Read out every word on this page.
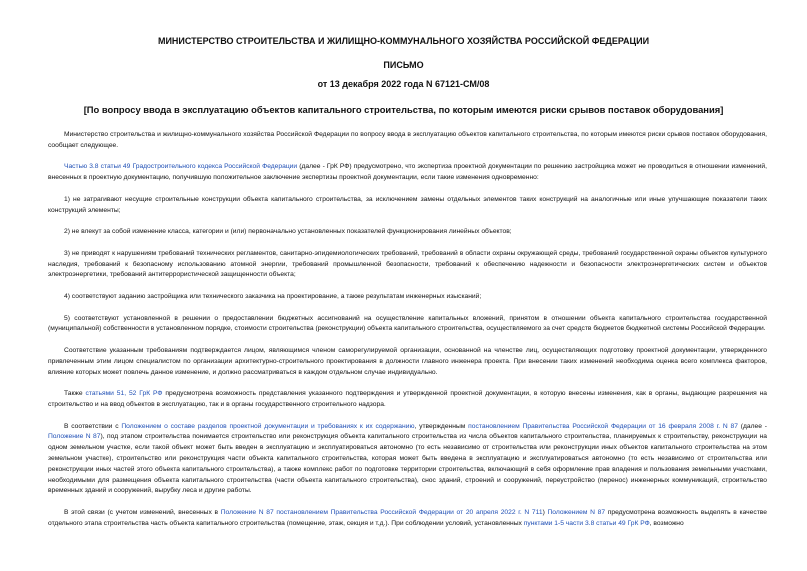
МИНИСТЕРСТВО СТРОИТЕЛЬСТВА И ЖИЛИЩНО-КОММУНАЛЬНОГО ХОЗЯЙСТВА РОССИЙСКОЙ ФЕДЕРАЦИИ
ПИСЬМО
от 13 декабря 2022 года N 67121-СМ/08
[По вопросу ввода в эксплуатацию объектов капитального строительства, по которым имеются риски срывов поставок оборудования]

Министерство строительства и жилищно-коммунального хозяйства Российской Федерации по вопросу ввода в эксплуатацию объектов капитального строительства, по которым имеются риски срывов поставок оборудования, сообщает следующее.

Частью 3.8 статьи 49 Градостроительного кодекса Российской Федерации (далее - ГрК РФ) предусмотрено, что экспертиза проектной документации по решению застройщика может не проводиться в отношении изменений, внесенных в проектную документацию, получившую положительное заключение экспертизы проектной документации, если такие изменения одновременно:

1) не затрагивают несущие строительные конструкции объекта капитального строительства, за исключением замены отдельных элементов таких конструкций на аналогичные или иные улучшающие показатели таких конструкций элементы;

2) не влекут за собой изменение класса, категории и (или) первоначально установленных показателей функционирования линейных объектов;

3) не приводят к нарушениям требований технических регламентов, санитарно-эпидемиологических требований, требований в области охраны окружающей среды, требований государственной охраны объектов культурного наследия, требований к безопасному использованию атомной энергии, требований промышленной безопасности, требований к обеспечению надежности и безопасности электроэнергетических систем и объектов электроэнергетики, требований антитеррористической защищенности объекта;

4) соответствуют заданию застройщика или технического заказчика на проектирование, а также результатам инженерных изысканий;

5) соответствуют установленной в решении о предоставлении бюджетных ассигнований на осуществление капитальных вложений, принятом в отношении объекта капитального строительства государственной (муниципальной) собственности в установленном порядке, стоимости строительства (реконструкции) объекта капитального строительства, осуществляемого за счет средств бюджетов бюджетной системы Российской Федерации.

Соответствие указанным требованиям подтверждается лицом, являющимся членом саморегулируемой организации, основанной на членстве лиц, осуществляющих подготовку проектной документации, утвержденного привлеченным этим лицом специалистом по организации архитектурно-строительного проектирования в должности главного инженера проекта. При внесении таких изменений необходима оценка всего комплекса факторов, влияние которых может повлечь данное изменение, и должно рассматриваться в каждом отдельном случае индивидуально.

Также статьями 51, 52 ГрК РФ предусмотрена возможность представления указанного подтверждения и утвержденной проектной документации, в которую внесены изменения, как в органы, выдающие разрешения на строительство и на ввод объектов в эксплуатацию, так и в органы государственного строительного надзора.

В соответствии с Положением о составе разделов проектной документации и требованиях к их содержанию, утвержденным постановлением Правительства Российской Федерации от 16 февраля 2008 г. N 87 (далее - Положение N 87), под этапом строительства понимается строительство или реконструкция объекта капитального строительства из числа объектов капитального строительства, планируемых к строительству, реконструкции на одном земельном участке, если такой объект может быть введен в эксплуатацию и эксплуатироваться автономно (то есть независимо от строительства или реконструкции иных объектов капитального строительства на этом земельном участке), строительство или реконструкция части объекта капитального строительства, которая может быть введена в эксплуатацию и эксплуатироваться автономно (то есть независимо от строительства или реконструкции иных частей этого объекта капитального строительства), а также комплекс работ по подготовке территории строительства, включающий в себя оформление прав владения и пользования земельными участками, необходимыми для размещения объекта капитального строительства (части объекта капитального строительства), снос зданий, строений и сооружений, переустройство (перенос) инженерных коммуникаций, строительство временных зданий и сооружений, вырубку леса и другие работы.

В этой связи (с учетом изменений, внесенных в Положение N 87 постановлением Правительства Российской Федерации от 20 апреля 2022 г. N 711) Положением N 87 предусмотрена возможность выделять в качестве отдельного этапа строительства часть объекта капитального строительства (помещение, этаж, секция и т.д.). При соблюдении условий, установленных пунктами 1-5 части 3.8 статьи 49 ГрК РФ, возможно
